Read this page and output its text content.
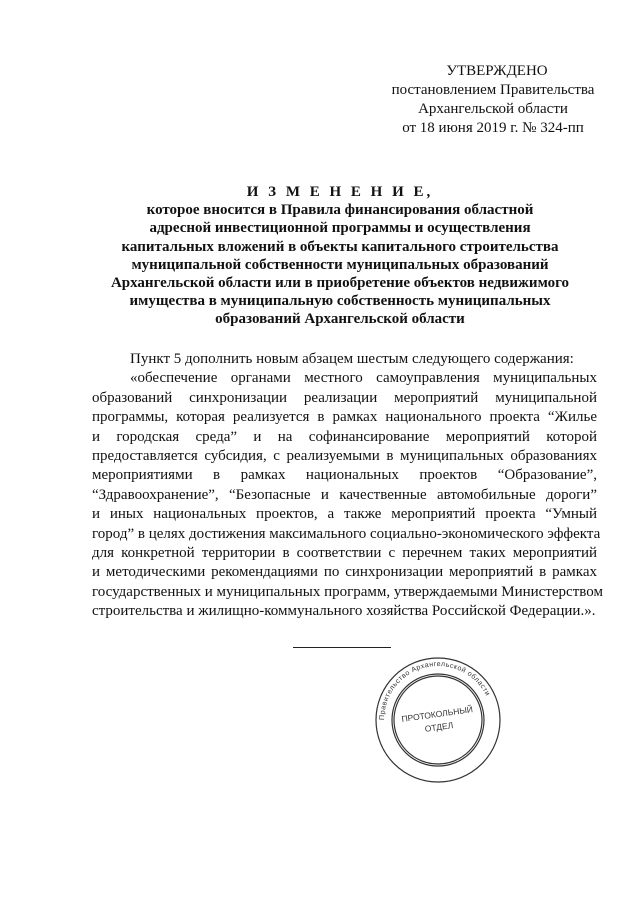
УТВЕРЖДЕНО
постановлением Правительства
Архангельской области
от 18 июня 2019 г. № 324-пп
И З М Е Н Е Н И Е,
которое вносится в Правила финансирования областной
адресной инвестиционной программы и осуществления
капитальных вложений в объекты капитального строительства
муниципальной собственности муниципальных образований
Архангельской области или в приобретение объектов недвижимого
имущества в муниципальную собственность муниципальных
образований Архангельской области

Пункт 5 дополнить новым абзацем шестым следующего содержания:

«обеспечение органами местного самоуправления муниципальных
образований синхронизации реализации мероприятий муниципальной
программы, которая реализуется в рамках национального проекта “Жилье
и городская среда” и на софинансирование мероприятий которой
предоставляется субсидия, с реализуемыми в муниципальных образованиях
мероприятиями в рамках национальных проектов “Образование”,
“Здравоохранение”, “Безопасные и качественные автомобильные дороги”
и иных национальных проектов, а также мероприятий проекта “Умный
город” в целях достижения максимального социально-экономического эффекта
для конкретной территории в соответствии с перечнем таких мероприятий
и методическими рекомендациями по синхронизации мероприятий в рамках
государственных и муниципальных программ, утверждаемыми Министерством
строительства и жилищно-коммунального хозяйства Российской Федерации.».
Правительство Архангельской области
ПРОТОКОЛЬНЫЙ
ОТДЕЛ
